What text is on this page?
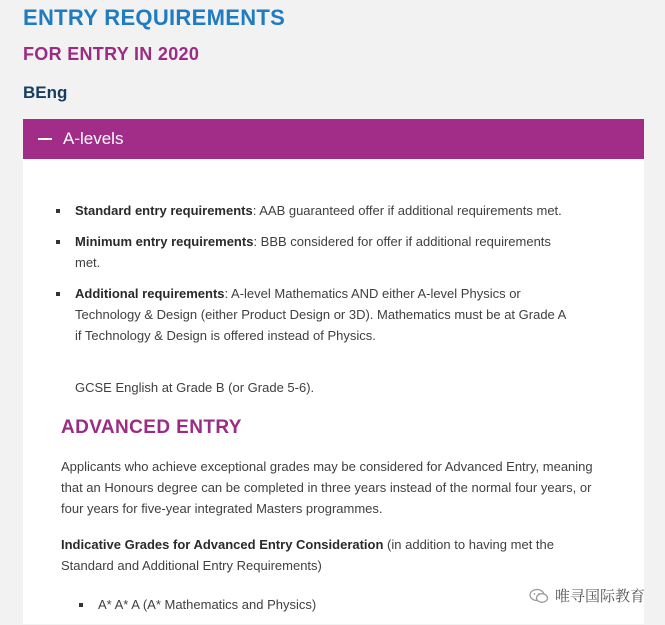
ENTRY REQUIREMENTS
FOR ENTRY IN 2020
BEng
A-levels
Standard entry requirements: AAB guaranteed offer if additional requirements met.
Minimum entry requirements: BBB considered for offer if additional requirements met.
Additional requirements: A-level Mathematics AND either A-level Physics or Technology & Design (either Product Design or 3D). Mathematics must be at Grade A if Technology & Design is offered instead of Physics.

GCSE English at Grade B (or Grade 5-6).

ADVANCED ENTRY

Applicants who achieve exceptional grades may be considered for Advanced Entry, meaning that an Honours degree can be completed in three years instead of the normal four years, or four years for five-year integrated Masters programmes.

Indicative Grades for Advanced Entry Consideration (in addition to having met the Standard and Additional Entry Requirements)

A* A* A (A* Mathematics and Physics)	唯寻国际教育
